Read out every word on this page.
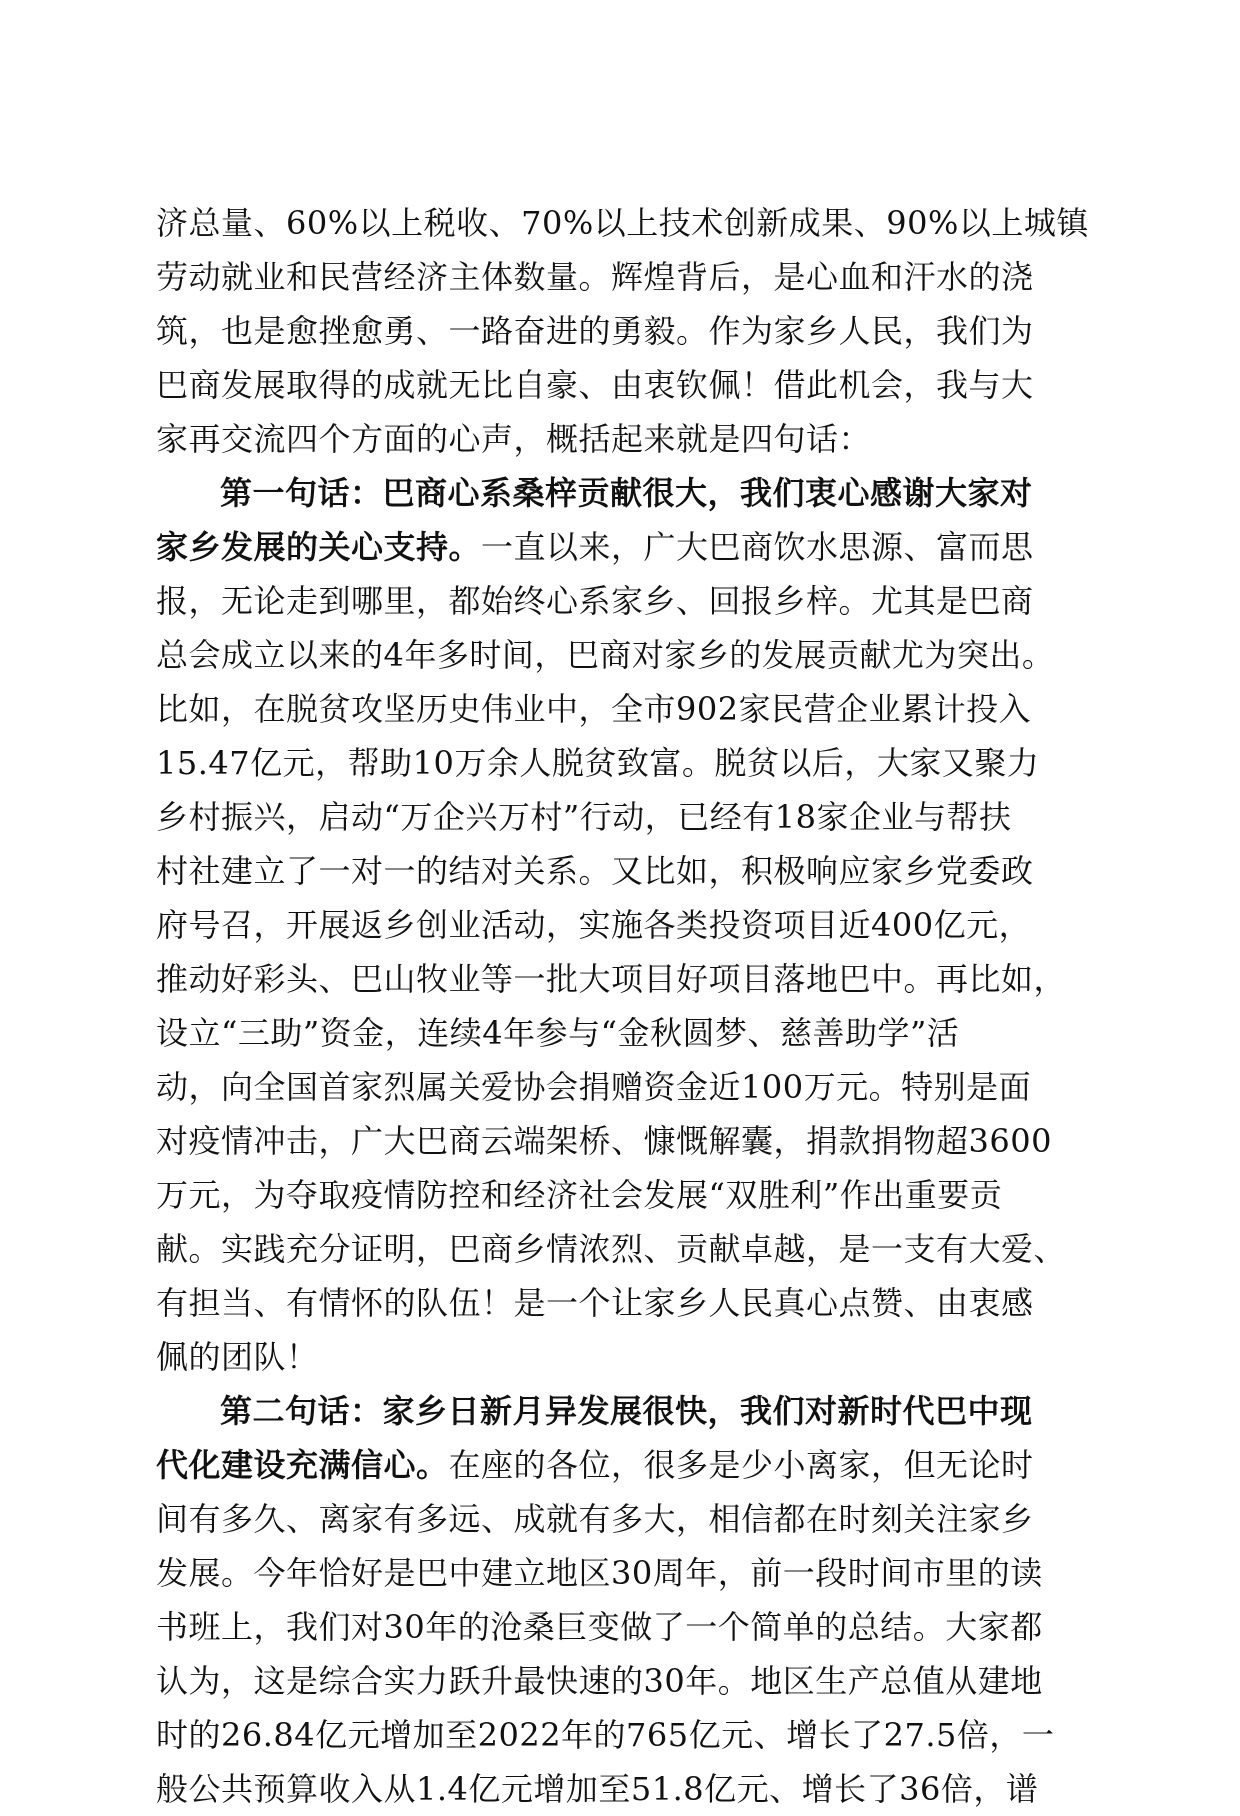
济总量、60%以上税收、70%以上技术创新成果、90%以上城镇
劳动就业和民营经济主体数量。辉煌背后，是心血和汗水的浇
筑，也是愈挫愈勇、一路奋进的勇毅。作为家乡人民，我们为
巴商发展取得的成就无比自豪、由衷钦佩！借此机会，我与大
家再交流四个方面的心声，概括起来就是四句话：
第一句话：巴商心系桑梓贡献很大，我们衷心感谢大家对
家乡发展的关心支持。一直以来，广大巴商饮水思源、富而思
报，无论走到哪里，都始终心系家乡、回报乡梓。尤其是巴商
总会成立以来的4年多时间，巴商对家乡的发展贡献尤为突出。
比如，在脱贫攻坚历史伟业中，全市902家民营企业累计投入
15.47亿元，帮助10万余人脱贫致富。脱贫以后，大家又聚力
乡村振兴，启动“万企兴万村”行动，已经有18家企业与帮扶
村社建立了一对一的结对关系。又比如，积极响应家乡党委政
府号召，开展返乡创业活动，实施各类投资项目近400亿元，
推动好彩头、巴山牧业等一批大项目好项目落地巴中。再比如，
设立“三助”资金，连续4年参与“金秋圆梦、慈善助学”活
动，向全国首家烈属关爱协会捐赠资金近100万元。特别是面
对疫情冲击，广大巴商云端架桥、慷慨解囊，捐款捐物超3600
万元，为夺取疫情防控和经济社会发展“双胜利”作出重要贡
献。实践充分证明，巴商乡情浓烈、贡献卓越，是一支有大爱、
有担当、有情怀的队伍！是一个让家乡人民真心点赞、由衷感
佩的团队！
第二句话：家乡日新月异发展很快，我们对新时代巴中现
代化建设充满信心。在座的各位，很多是少小离家，但无论时
间有多久、离家有多远、成就有多大，相信都在时刻关注家乡
发展。今年恰好是巴中建立地区30周年，前一段时间市里的读
书班上，我们对30年的沧桑巨变做了一个简单的总结。大家都
认为，这是综合实力跃升最快速的30年。地区生产总值从建地
时的26.84亿元增加至2022年的765亿元、增长了27.5倍，一
般公共预算收入从1.4亿元增加至51.8亿元、增长了36倍，谱
